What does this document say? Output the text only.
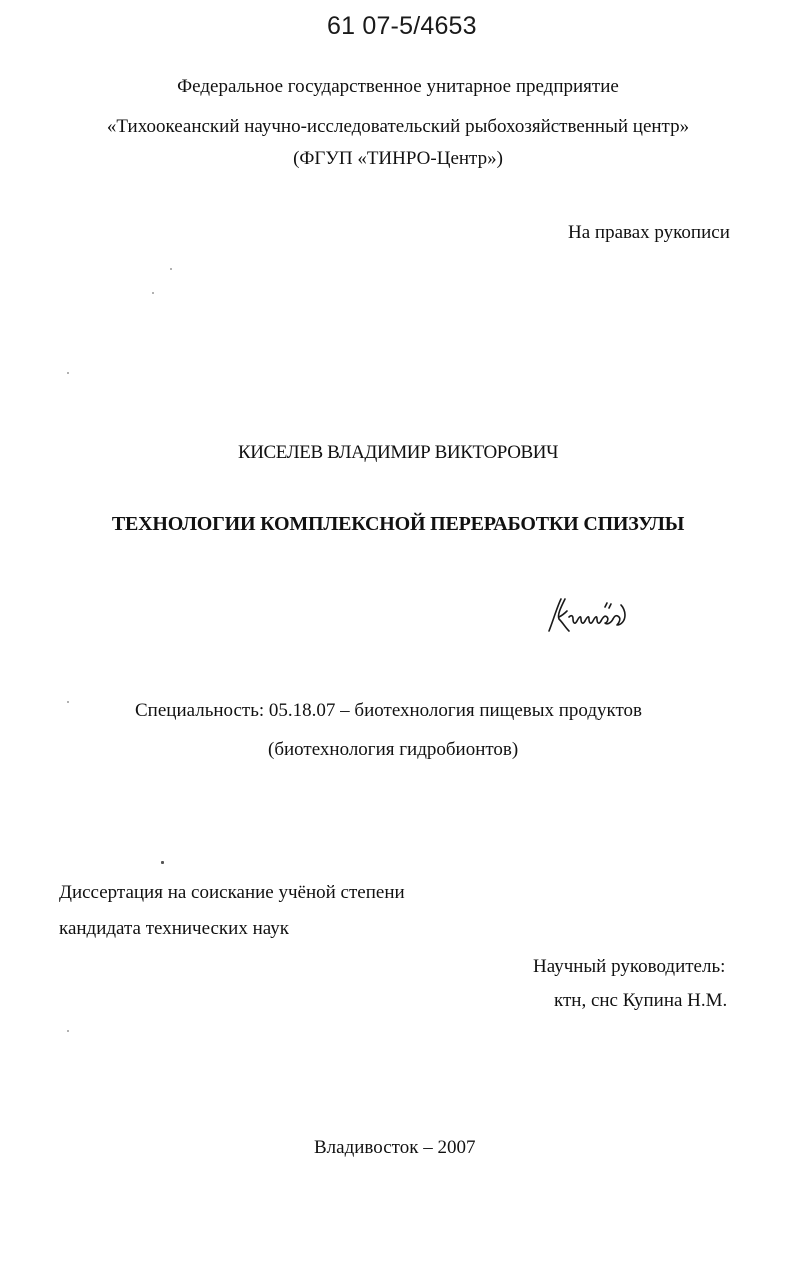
61 07-5/4653
Федеральное государственное унитарное предприятие
«Тихоокеанский научно-исследовательский рыбохозяйственный центр»
(ФГУП «ТИНРО-Центр»)
На правах рукописи
КИСЕЛЕВ ВЛАДИМИР ВИКТОРОВИЧ
ТЕХНОЛОГИИ КОМПЛЕКСНОЙ ПЕРЕРАБОТКИ СПИЗУЛЫ
Специальность: 05.18.07 – биотехнология пищевых продуктов
(биотехнология гидробионтов)
Диссертация на соискание учёной степени
кандидата технических наук
Научный руководитель:
ктн, снс Купина Н.М.
Владивосток – 2007
